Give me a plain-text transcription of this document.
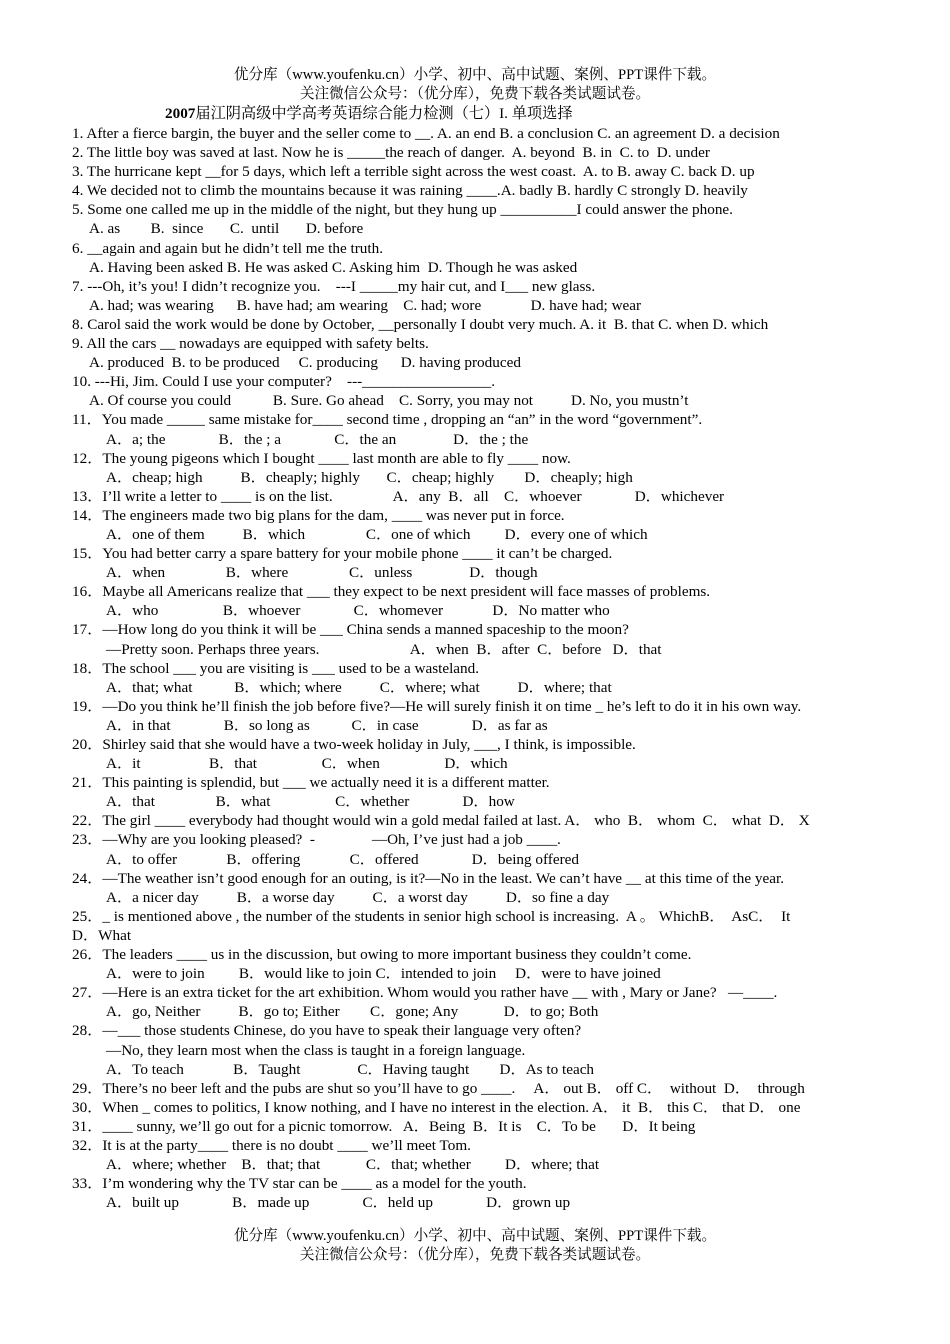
优分库（www.youfenku.cn）小学、初中、高中试题、案例、PPT课件下载。
关注微信公众号：（优分库），免费下载各类试题试卷。
2007届江阴高级中学高考英语综合能力检测（七）I. 单项选择
1. After a fierce bargin, the buyer and the seller come to __. A. an end B. a conclusion C. an agreement D. a decision
2. The little boy was saved at last. Now he is _____the reach of danger.  A. beyond  B. in  C. to  D. under
3. The hurricane kept __for 5 days, which left a terrible sight across the west coast.  A. to B. away C. back D. up
4. We decided not to climb the mountains because it was raining ____.A. badly B. hardly C strongly D. heavily
5. Some one called me up in the middle of the night, but they hung up __________I could answer the phone.
A. as        B.  since       C.  until       D. before
6. __again and again but he didn’t tell me the truth.
A. Having been asked B. He was asked C. Asking him  D. Though he was asked
7. ---Oh, it’s you! I didn’t recognize you.    ---I _____my hair cut, and I___ new glass.
A. had; was wearing      B. have had; am wearing    C. had; wore             D. have had; wear
8. Carol said the work would be done by October, __personally I doubt very much. A. it  B. that C. when D. which
9. All the cars __ nowadays are equipped with safety belts.
A. produced  B. to be produced     C. producing      D. having produced
10. ---Hi, Jim. Could I use your computer?    ---_________________.
A. Of course you could           B. Sure. Go ahead    C. Sorry, you may not          D. No, you mustn’t
11．You made _____ same mistake for____ second time , dropping an “an” in the word “government”.
A．a; the              B．the ; a              C．the an               D．the ; the
12．The young pigeons which I bought ____ last month are able to fly ____ now.
A．cheap; high          B．cheaply; highly       C．cheap; highly        D．cheaply; high
13．I’ll write a letter to ____ is on the list.                A．any  B．all    C．whoever              D．whichever
14．The engineers made two big plans for the dam, ____ was never put in force.
A．one of them          B．which                C．one of which         D．every one of which
15．You had better carry a spare battery for your mobile phone ____ it can’t be charged.
A．when                B．where                C．unless               D．though
16．Maybe all Americans realize that ___ they expect to be next president will face masses of problems.
A．who                 B．whoever              C．whomever             D．No matter who
17．—How long do you think it will be ___ China sends a manned spaceship to the moon?
—Pretty soon. Perhaps three years.                        A．when  B．after  C．before   D．that
18．The school ___ you are visiting is ___ used to be a wasteland.
A．that; what           B．which; where          C．where; what          D．where; that
19．—Do you think he’ll finish the job before five?—He will surely finish it on time _ he’s left to do it in his own way.
A．in that              B．so long as           C．in case              D．as far as
20．Shirley said that she would have a two-week holiday in July, ___, I think, is impossible.
A．it                  B．that                 C．when                 D．which
21．This painting is splendid, but ___ we actually need it is a different matter.
A．that                B．what                 C．whether              D．how
22．The girl ____ everybody had thought would win a gold medal failed at last. A． who  B． whom  C． what  D． X
23．—Why are you looking pleased?  -               —Oh, I’ve just had a job ____.
A．to offer             B．offering             C．offered              D．being offered
24．—The weather isn’t good enough for an outing, is it?—No in the least. We can’t have __ at this time of the year.
A．a nicer day          B．a worse day          C．a worst day          D．so fine a day
25．_ is mentioned above , the number of the students in senior high school is increasing.  A 。 WhichB．  AsC．  It
D．What
26．The leaders ____ us in the discussion, but owing to more important business they couldn’t come.
A．were to join         B．would like to join C．intended to join     D．were to have joined
27．—Here is an extra ticket for the art exhibition. Whom would you rather have __ with , Mary or Jane?   —____.
A．go, Neither          B．go to; Either        C．gone; Any            D．to go; Both
28．—___ those students Chinese, do you have to speak their language very often?
—No, they learn most when the class is taught in a foreign language.
A．To teach             B．Taught               C．Having taught        D．As to teach
29．There’s no beer left and the pubs are shut so you’ll have to go ____.     A． out B． off C．  without  D．  through
30．When _ comes to politics, I know nothing, and I have no interest in the election. A． it  B． this C． that D． one
31．____ sunny, we’ll go out for a picnic tomorrow.   A．Being  B．It is    C．To be       D．It being
32．It is at the party____ there is no doubt ____ we’ll meet Tom.
A．where; whether    B．that; that            C．that; whether         D．where; that
33．I’m wondering why the TV star can be ____ as a model for the youth.
A．built up              B．made up              C．held up              D．grown up
优分库（www.youfenku.cn）小学、初中、高中试题、案例、PPT课件下载。
关注微信公众号：（优分库），免费下载各类试题试卷。
